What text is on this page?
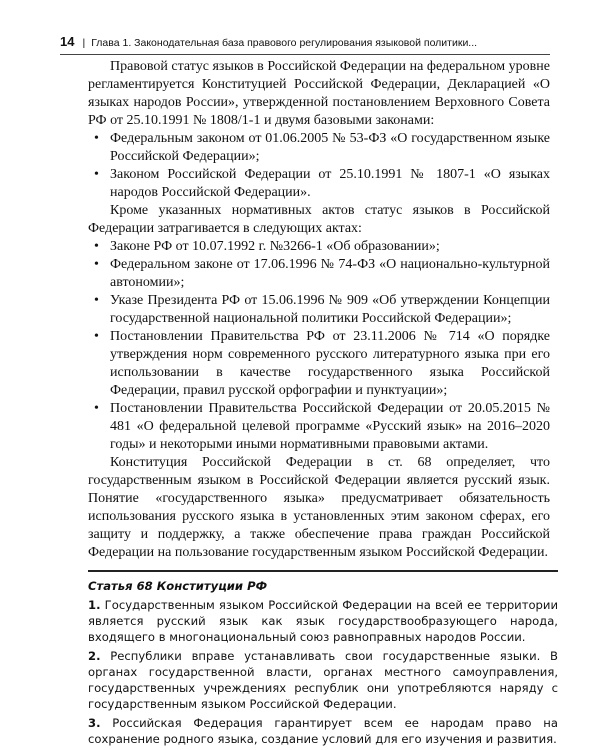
14 | Глава 1. Законодательная база правового регулирования языковой политики...

Правовой статус языков в Российской Федерации на федеральном уровне регламентируется Конституцией Российской Федерации, Декларацией «О языках народов России», утвержденной постановлением Верховного Совета РФ от 25.10.1991 № 1808/1-1 и двумя базовыми законами:

• Федеральным законом от 01.06.2005 № 53-ФЗ «О государственном языке Российской Федерации»;
• Законом Российской Федерации от 25.10.1991 № 1807-1 «О языках народов Российской Федерации».

Кроме указанных нормативных актов статус языков в Российской Федерации затрагивается в следующих актах:

• Законе РФ от 10.07.1992 г. №3266-1 «Об образовании»;
• Федеральном законе от 17.06.1996 № 74-ФЗ «О национально-культурной автономии»;
• Указе Президента РФ от 15.06.1996 № 909 «Об утверждении Концепции государственной национальной политики Российской Федерации»;
• Постановлении Правительства РФ от 23.11.2006 № 714 «О порядке утверждения норм современного русского литературного языка при его использовании в качестве государственного языка Российской Федерации, правил русской орфографии и пунктуации»;
• Постановлении Правительства Российской Федерации от 20.05.2015 № 481 «О федеральной целевой программе «Русский язык» на 2016–2020 годы» и некоторыми иными нормативными правовыми актами.

Конституция Российской Федерации в ст. 68 определяет, что государственным языком в Российской Федерации является русский язык. Понятие «государственного языка» предусматривает обязательность использования русского языка в установленных этим законом сферах, его защиту и поддержку, а также обеспечение права граждан Российской Федерации на пользование государственным языком Российской Федерации.

Статья 68 Конституции РФ

1. Государственным языком Российской Федерации на всей ее территории является русский язык как язык государствообразующего народа, входящего в многонациональный союз равноправных народов России.

2. Республики вправе устанавливать свои государственные языки. В органах государственной власти, органах местного самоуправления, государственных учреждениях республик они употребляются наряду с государственным языком Российской Федерации.

3. Российская Федерация гарантирует всем ее народам право на сохранение родного языка, создание условий для его изучения и развития.
